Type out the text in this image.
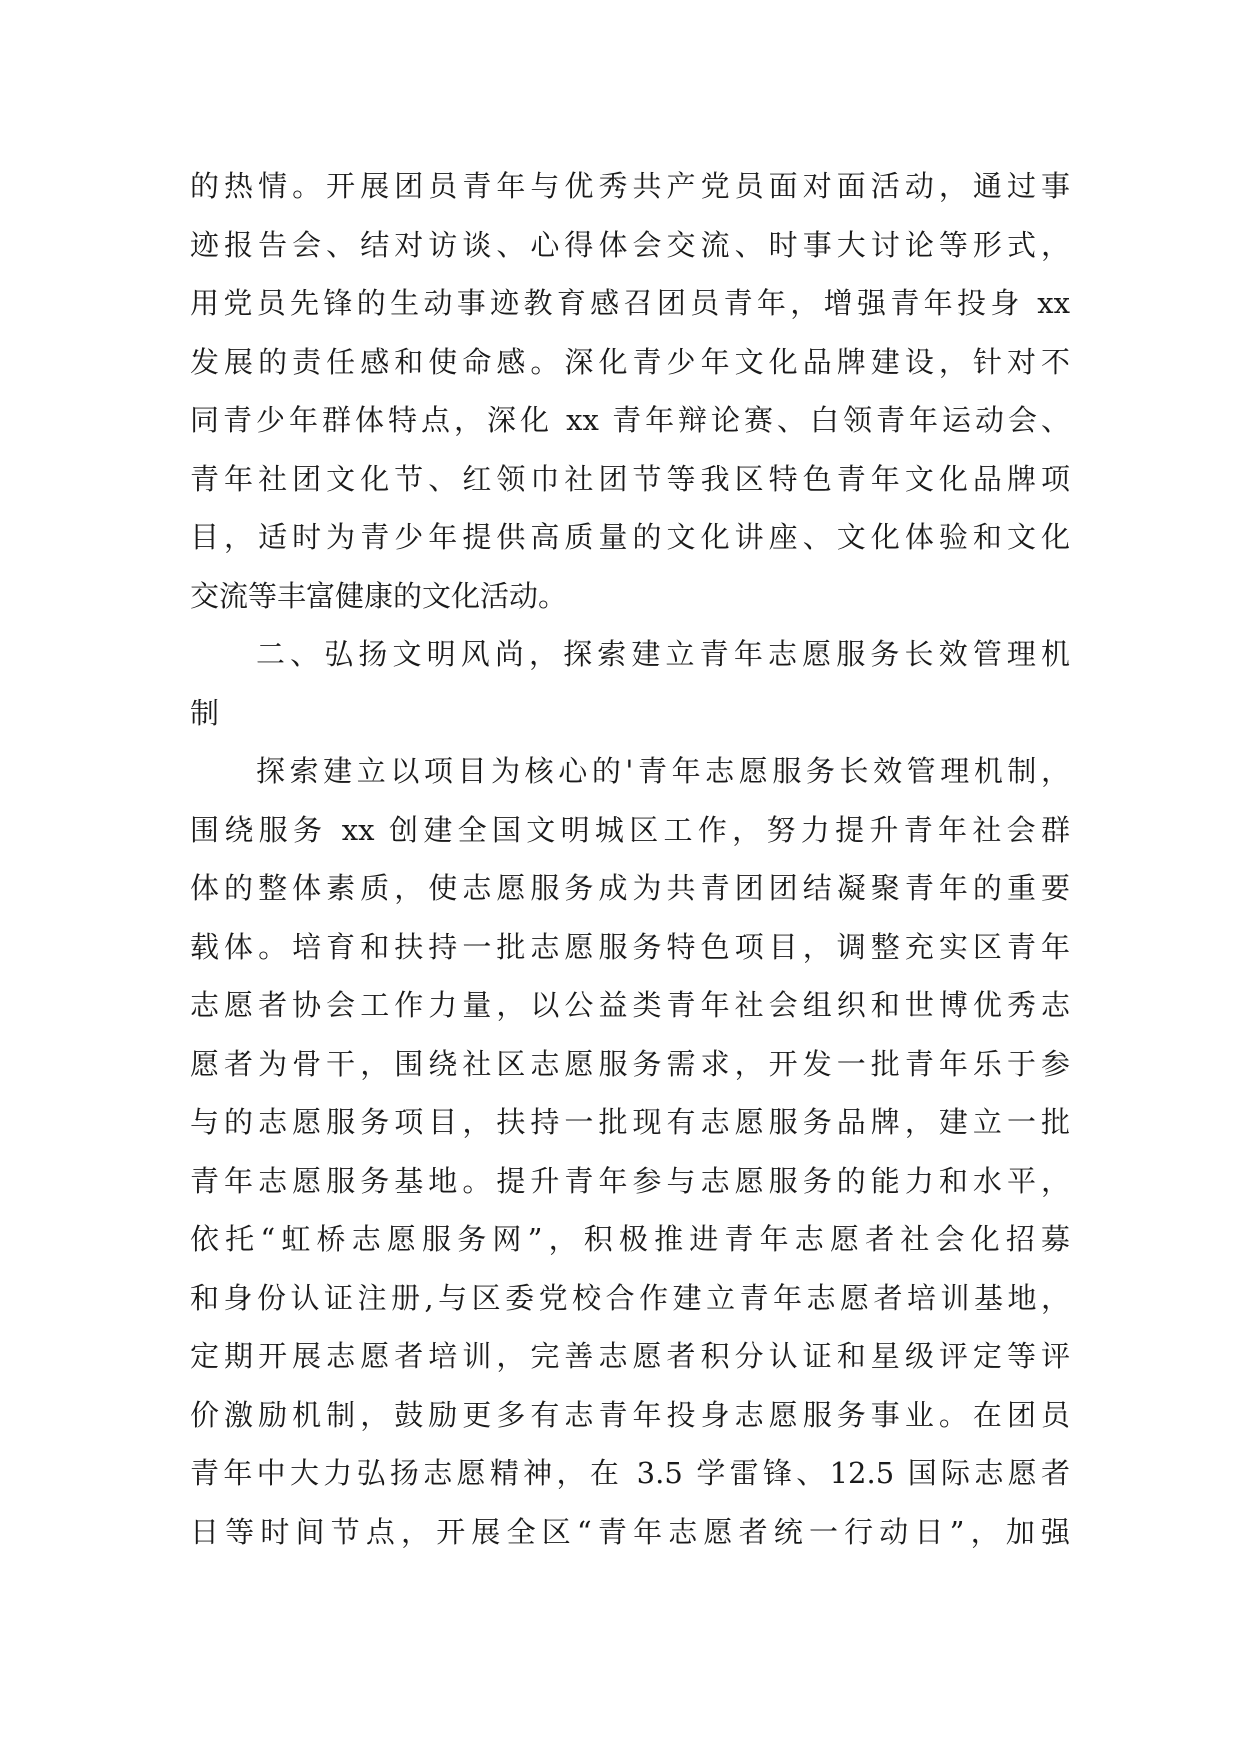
的热情。开展团员青年与优秀共产党员面对面活动，通过事
迹报告会、结对访谈、心得体会交流、时事大讨论等形式，
用党员先锋的生动事迹教育感召团员青年，增强青年投身 xx
发展的责任感和使命感。深化青少年文化品牌建设，针对不
同青少年群体特点，深化 xx 青年辩论赛、白领青年运动会、
青年社团文化节、红领巾社团节等我区特色青年文化品牌项
目，适时为青少年提供高质量的文化讲座、文化体验和文化
交流等丰富健康的文化活动。
二、弘扬文明风尚，探索建立青年志愿服务长效管理机
制
探索建立以项目为核心的'青年志愿服务长效管理机制，
围绕服务 xx 创建全国文明城区工作，努力提升青年社会群
体的整体素质，使志愿服务成为共青团团结凝聚青年的重要
载体。培育和扶持一批志愿服务特色项目，调整充实区青年
志愿者协会工作力量，以公益类青年社会组织和世博优秀志
愿者为骨干，围绕社区志愿服务需求，开发一批青年乐于参
与的志愿服务项目，扶持一批现有志愿服务品牌，建立一批
青年志愿服务基地。提升青年参与志愿服务的能力和水平，
依托“虹桥志愿服务网”，积极推进青年志愿者社会化招募
和身份认证注册,与区委党校合作建立青年志愿者培训基地，
定期开展志愿者培训，完善志愿者积分认证和星级评定等评
价激励机制，鼓励更多有志青年投身志愿服务事业。在团员
青年中大力弘扬志愿精神，在 3.5 学雷锋、12.5 国际志愿者
日等时间节点，开展全区“青年志愿者统一行动日”，加强
